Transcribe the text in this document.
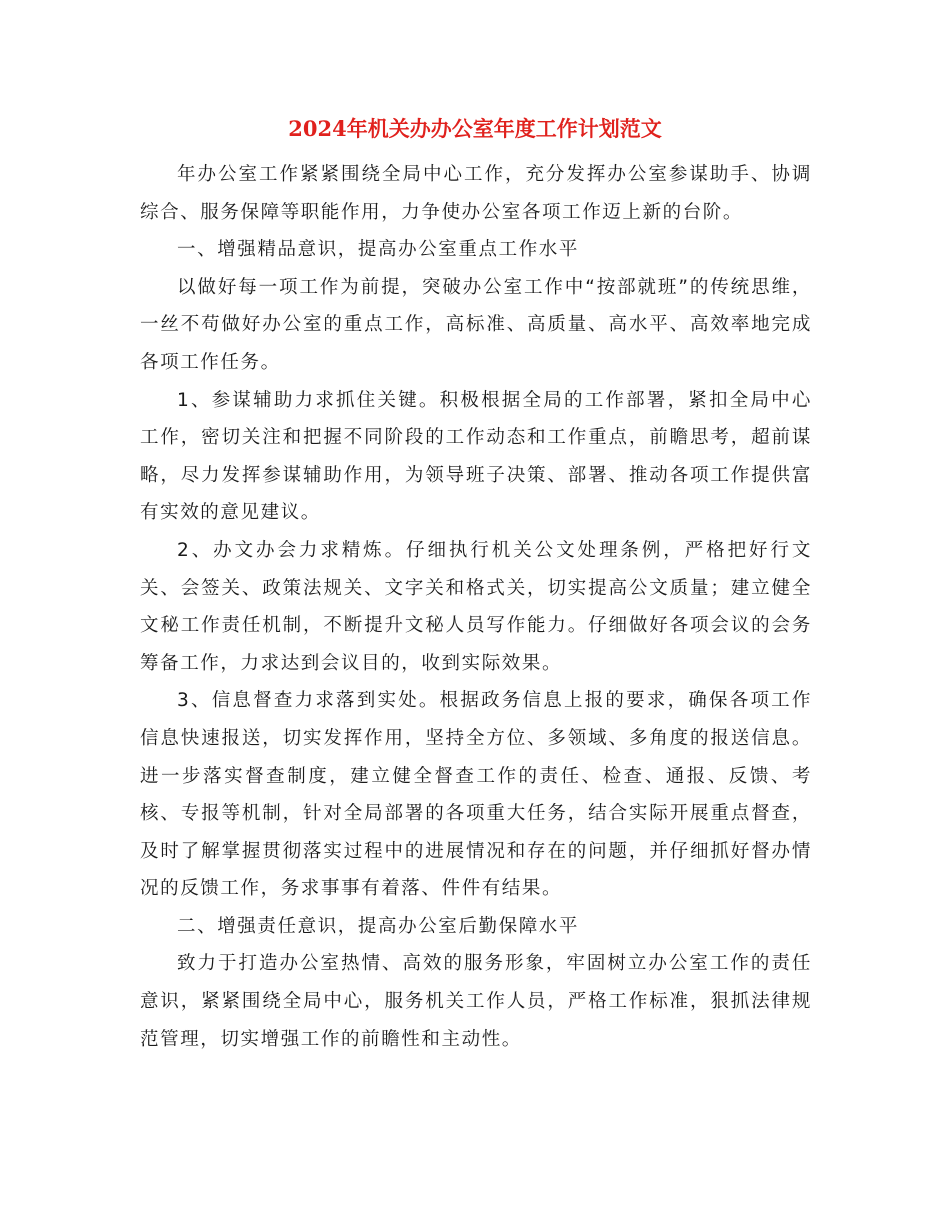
2024年机关办办公室年度工作计划范文

年办公室工作紧紧围绕全局中心工作，充分发挥办公室参谋助手、协调综合、服务保障等职能作用，力争使办公室各项工作迈上新的台阶。

一、增强精品意识，提高办公室重点工作水平

以做好每一项工作为前提，突破办公室工作中“按部就班”的传统思维，一丝不苟做好办公室的重点工作，高标准、高质量、高水平、高效率地完成各项工作任务。

1、参谋辅助力求抓住关键。积极根据全局的工作部署，紧扣全局中心工作，密切关注和把握不同阶段的工作动态和工作重点，前瞻思考，超前谋略，尽力发挥参谋辅助作用，为领导班子决策、部署、推动各项工作提供富有实效的意见建议。

2、办文办会力求精炼。仔细执行机关公文处理条例，严格把好行文关、会签关、政策法规关、文字关和格式关，切实提高公文质量；建立健全文秘工作责任机制，不断提升文秘人员写作能力。仔细做好各项会议的会务筹备工作，力求达到会议目的，收到实际效果。

3、信息督查力求落到实处。根据政务信息上报的要求，确保各项工作信息快速报送，切实发挥作用，坚持全方位、多领域、多角度的报送信息。进一步落实督查制度，建立健全督查工作的责任、检查、通报、反馈、考核、专报等机制，针对全局部署的各项重大任务，结合实际开展重点督查，及时了解掌握贯彻落实过程中的进展情况和存在的问题，并仔细抓好督办情况的反馈工作，务求事事有着落、件件有结果。

二、增强责任意识，提高办公室后勤保障水平

致力于打造办公室热情、高效的服务形象，牢固树立办公室工作的责任意识，紧紧围绕全局中心，服务机关工作人员，严格工作标准，狠抓法律规范管理，切实增强工作的前瞻性和主动性。
